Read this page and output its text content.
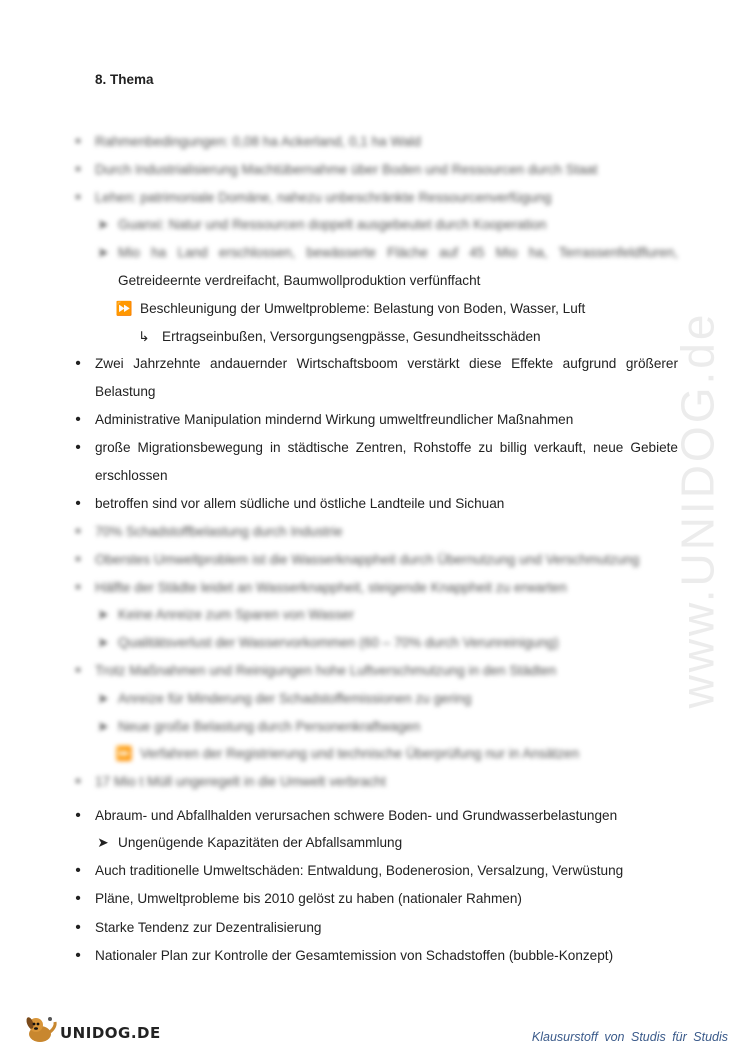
www.UNIDOG.de
8. Thema
•	Rahmenbedingungen: 0,08 ha Ackerland, 0,1 ha Wald
•	Durch Industrialisierung Machtübernahme über Boden und Ressourcen durch Staat
•	Lehen: patrimoniale Domäne, nahezu unbeschränkte Ressourcenverfügung
➤ Guanxi: Natur und Ressourcen doppelt ausgebeutet durch Kooperation
➤ Mio ha Land erschlossen, bewässerte Fläche auf 45 Mio ha, Terrassenfeldfluren,
Getreideernte verdreifacht, Baumwollproduktion verfünffacht
⏩ Beschleunigung der Umweltprobleme: Belastung von Boden, Wasser, Luft
↳ Ertragseinbußen, Versorgungsengpässe, Gesundheitsschäden
•	Zwei Jahrzehnte andauernder Wirtschaftsboom verstärkt diese Effekte aufgrund größerer
Belastung
•	Administrative Manipulation mindernd Wirkung umweltfreundlicher Maßnahmen
•	große Migrationsbewegung in städtische Zentren, Rohstoffe zu billig verkauft, neue Gebiete
erschlossen
•	betroffen sind vor allem südliche und östliche Landteile und Sichuan
•	70% Schadstoffbelastung durch Industrie
•	Oberstes Umweltproblem ist die Wasserknappheit durch Übernutzung und Verschmutzung
•	Hälfte der Städte leidet an Wasserknappheit, steigende Knappheit zu erwarten
➤ Keine Anreize zum Sparen von Wasser
➤ Qualitätsverlust der Wasservorkommen (60 – 70% durch Verunreinigung)
•	Trotz Maßnahmen und Reinigungen hohe Luftverschmutzung in den Städten
➤ Anreize für Minderung der Schadstoffemissionen zu gering
➤ Neue große Belastung durch Personenkraftwagen
⏩ Verfahren der Registrierung und technische Überprüfung nur in Ansätzen
•	17 Mio t Müll ungeregelt in die Umwelt verbracht
•	Abraum- und Abfallhalden verursachen schwere Boden- und Grundwasserbelastungen
➤ Ungenügende Kapazitäten der Abfallsammlung
•	Auch traditionelle Umweltschäden: Entwaldung, Bodenerosion, Versalzung, Verwüstung
•	Pläne, Umweltprobleme bis 2010 gelöst zu haben (nationaler Rahmen)
•	Starke Tendenz zur Dezentralisierung
•	Nationaler Plan zur Kontrolle der Gesamtemission von Schadstoffen (bubble-Konzept)
UNIDOG.DE	Klausurstoff von Studis für Studis
